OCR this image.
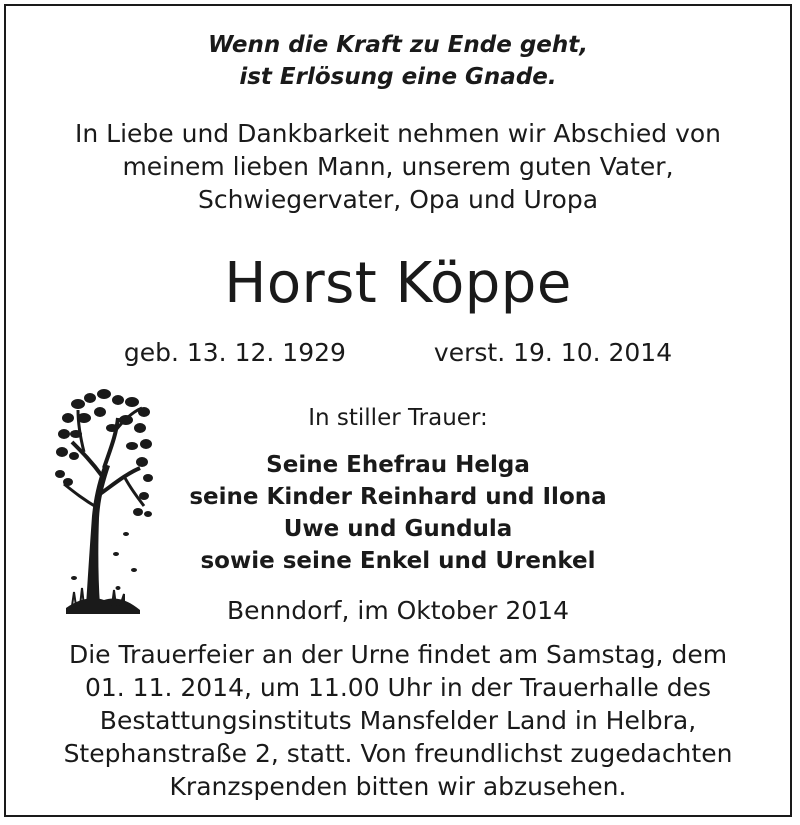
Wenn die Kraft zu Ende geht,
ist Erlösung eine Gnade.
In Liebe und Dankbarkeit nehmen wir Abschied von
meinem lieben Mann, unserem guten Vater,
Schwiegervater, Opa und Uropa
Horst Köppe
geb. 13. 12. 1929	verst. 19. 10. 2014
In stiller Trauer:
Seine Ehefrau Helga
seine Kinder Reinhard und Ilona
Uwe und Gundula
sowie seine Enkel und Urenkel
Benndorf, im Oktober 2014
Die Trauerfeier an der Urne findet am Samstag, dem
01. 11. 2014, um 11.00 Uhr in der Trauerhalle des
Bestattungsinstituts Mansfelder Land in Helbra,
Stephanstraße 2, statt. Von freundlichst zugedachten
Kranzspenden bitten wir abzusehen.
